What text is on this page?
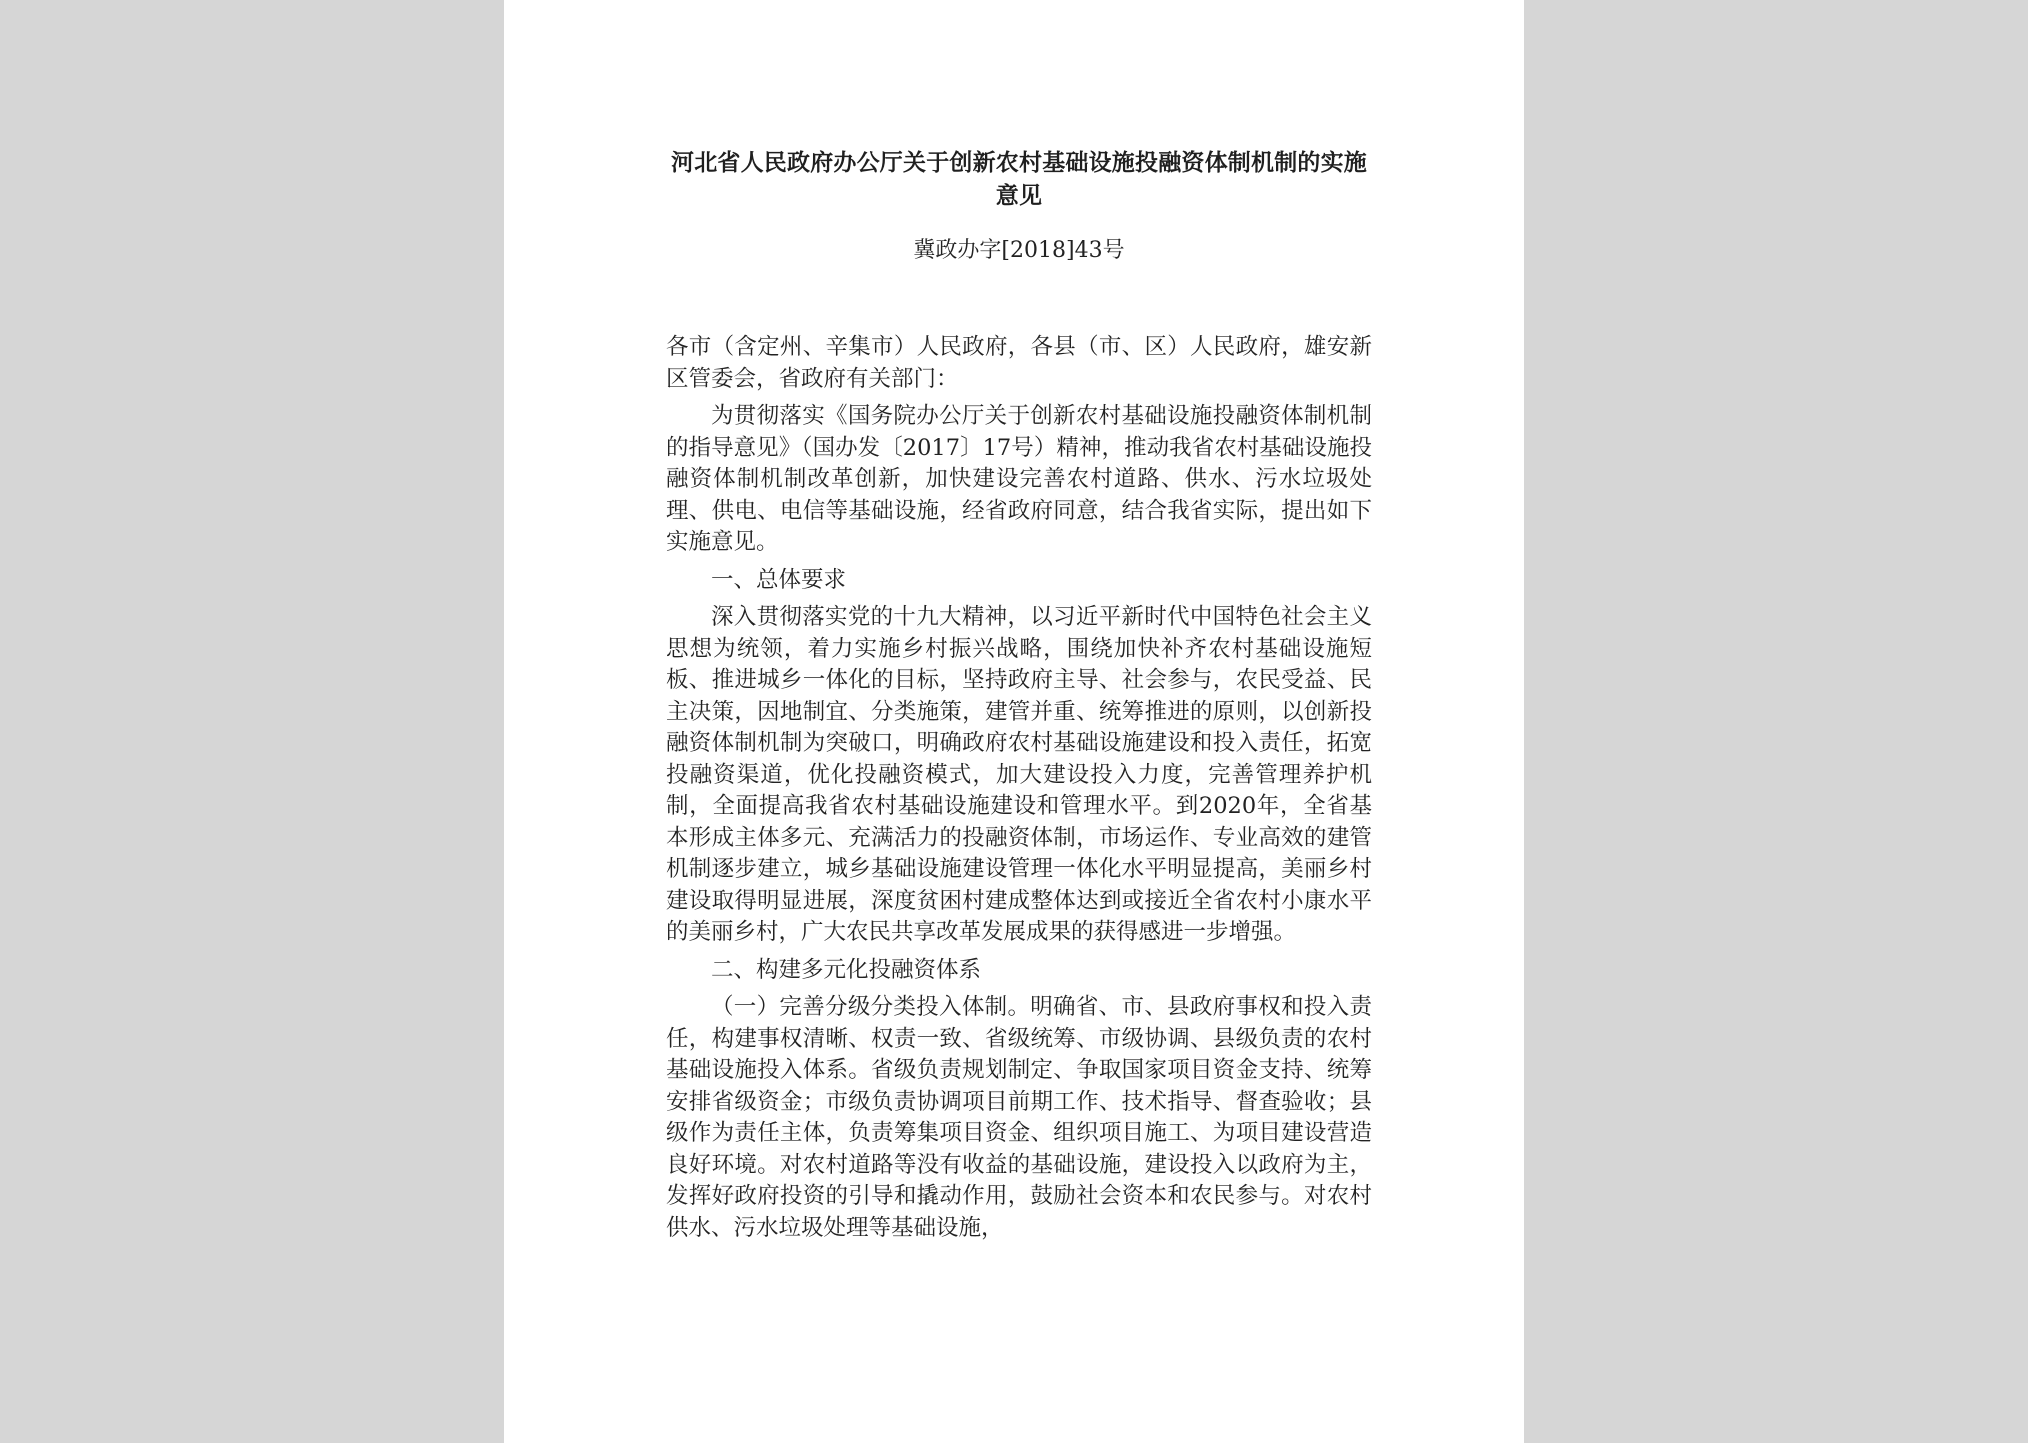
河北省人民政府办公厅关于创新农村基础设施投融资体制机制的实施意见
冀政办字[2018]43号

各市（含定州、辛集市）人民政府，各县（市、区）人民政府，雄安新区管委会，省政府有关部门：

为贯彻落实《国务院办公厅关于创新农村基础设施投融资体制机制的指导意见》（国办发〔2017〕17号）精神，推动我省农村基础设施投融资体制机制改革创新，加快建设完善农村道路、供水、污水垃圾处理、供电、电信等基础设施，经省政府同意，结合我省实际，提出如下实施意见。

一、总体要求

深入贯彻落实党的十九大精神，以习近平新时代中国特色社会主义思想为统领，着力实施乡村振兴战略，围绕加快补齐农村基础设施短板、推进城乡一体化的目标，坚持政府主导、社会参与，农民受益、民主决策，因地制宜、分类施策，建管并重、统筹推进的原则，以创新投融资体制机制为突破口，明确政府农村基础设施建设和投入责任，拓宽投融资渠道，优化投融资模式，加大建设投入力度，完善管理养护机制，全面提高我省农村基础设施建设和管理水平。到2020年，全省基本形成主体多元、充满活力的投融资体制，市场运作、专业高效的建管机制逐步建立，城乡基础设施建设管理一体化水平明显提高，美丽乡村建设取得明显进展，深度贫困村建成整体达到或接近全省农村小康水平的美丽乡村，广大农民共享改革发展成果的获得感进一步增强。

二、构建多元化投融资体系

（一）完善分级分类投入体制。明确省、市、县政府事权和投入责任，构建事权清晰、权责一致、省级统筹、市级协调、县级负责的农村基础设施投入体系。省级负责规划制定、争取国家项目资金支持、统筹安排省级资金；市级负责协调项目前期工作、技术指导、督查验收；县级作为责任主体，负责筹集项目资金、组织项目施工、为项目建设营造良好环境。对农村道路等没有收益的基础设施，建设投入以政府为主，发挥好政府投资的引导和撬动作用，鼓励社会资本和农民参与。对农村供水、污水垃圾处理等基础设施，
